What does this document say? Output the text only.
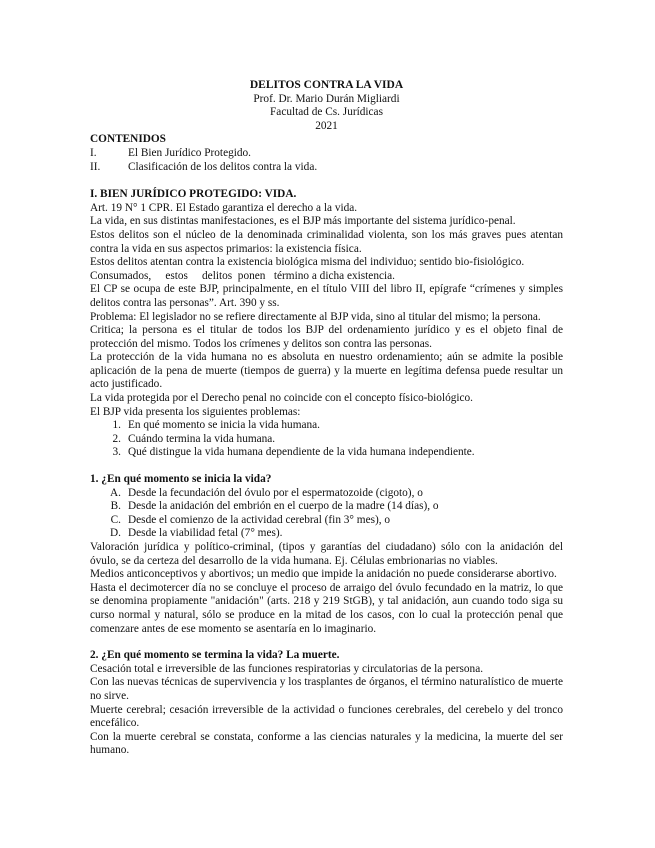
DELITOS CONTRA LA VIDA
Prof. Dr. Mario Durán Migliardi
Facultad de Cs. Jurídicas
2021
CONTENIDOS
I.	El Bien Jurídico Protegido.
II.	Clasificación de los delitos contra la vida.
I. BIEN JURÍDICO PROTEGIDO: VIDA.

Art. 19 N° 1 CPR. El Estado garantiza el derecho a la vida.

La vida, en sus distintas manifestaciones, es el BJP más importante del sistema jurídico-penal.

Estos delitos son el núcleo de la denominada criminalidad violenta, son los más graves pues atentan contra la vida en sus aspectos primarios: la existencia física.

Estos delitos atentan contra la existencia biológica misma del individuo; sentido bio-fisiológico.

Consumados,     estos     delitos  ponen   término a dicha existencia.

El CP se ocupa de este BJP, principalmente, en el título VIII del libro II, epígrafe “crímenes y simples delitos contra las personas”. Art. 390 y ss.

Problema: El legislador no se refiere directamente al BJP vida, sino al titular del mismo; la persona.

Critica; la persona es el titular de todos los BJP del ordenamiento jurídico y es el objeto final de protección del mismo. Todos los crímenes y delitos son contra las personas.

La protección de la vida humana no es absoluta en nuestro ordenamiento; aún se admite la posible aplicación de la pena de muerte (tiempos de guerra) y la muerte en legítima defensa puede resultar un acto justificado.

La vida protegida por el Derecho penal no coincide con el concepto físico-biológico.

El BJP vida presenta los siguientes problemas:

1. En qué momento se inicia la vida humana.
2. Cuándo termina la vida humana.
3. Qué distingue la vida humana dependiente de la vida humana independiente.
1. ¿En qué momento se inicia la vida?
A. Desde la fecundación del óvulo por el espermatozoide (cigoto), o
B. Desde la anidación del embrión en el cuerpo de la madre (14 días), o
C. Desde el comienzo de la actividad cerebral (fin 3° mes), o
D. Desde la viabilidad fetal (7° mes).

Valoración jurídica y político-criminal, (tipos y garantías del ciudadano) sólo con la anidación del óvulo, se da certeza del desarrollo de la vida humana. Ej. Células embrionarias no viables.

Medios anticonceptivos y abortivos; un medio que impide la anidación no puede considerarse abortivo.

Hasta el decimotercer día no se concluye el proceso de arraigo del óvulo fecundado en la matriz, lo que se denomina propiamente "anidación" (arts. 218 y 219 StGB), y tal anidación, aun cuando todo siga su curso normal y natural, sólo se produce en la mitad de los casos, con lo cual la protección penal que comenzare antes de ese momento se asentaría en lo imaginario.

2. ¿En qué momento se termina la vida? La muerte.

Cesación total e irreversible de las funciones respiratorias y circulatorias de la persona.

Con las nuevas técnicas de supervivencia y los trasplantes de órganos, el término naturalístico de muerte no sirve.

Muerte cerebral; cesación irreversible de la actividad o funciones cerebrales, del cerebelo y del tronco encefálico.

Con la muerte cerebral se constata, conforme a las ciencias naturales y la medicina, la muerte del ser humano.
